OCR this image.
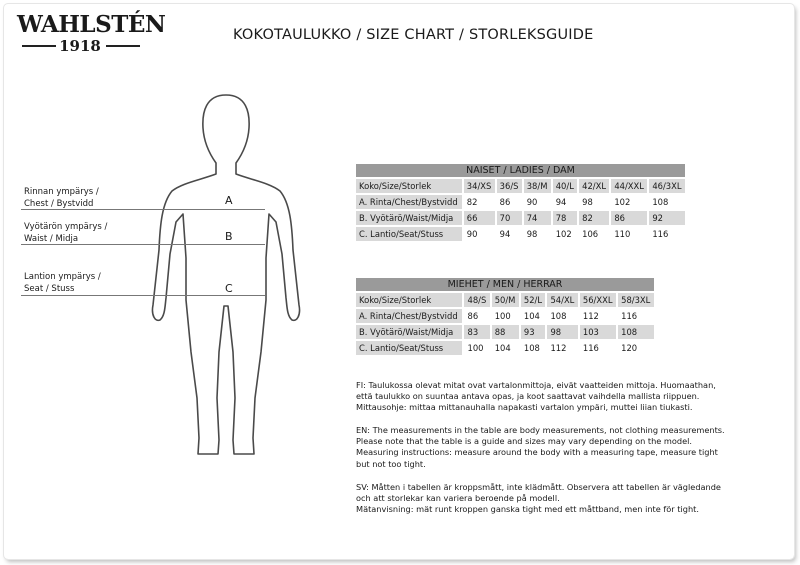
WAHLSTÉN
1918
KOKOTAULUKKO / SIZE CHART / STORLEKSGUIDE
Rinnan ympärys /
Chest / Bystvidd	A
Vyötärön ympärys /
Waist / Midja	B
Lantion ympärys /
Seat / Stuss	C
NAISET / LADIES / DAM							
Koko/Size/Storlek	34/XS	36/S	38/M	40/L	42/XL	44/XXL	46/3XL
A. Rinta/Chest/Bystvidd	82	86	90	94	98	102	108
B. Vyötärö/Waist/Midja	66	70	74	78	82	86	92
C. Lantio/Seat/Stuss	90	94	98	102	106	110	116
MIEHET / MEN / HERRAR						
Koko/Size/Storlek	48/S	50/M	52/L	54/XL	56/XXL	58/3XL
A. Rinta/Chest/Bystvidd	86	100	104	108	112	116
B. Vyötärö/Waist/Midja	83	88	93	98	103	108
C. Lantio/Seat/Stuss	100	104	108	112	116	120
FI: Taulukossa olevat mitat ovat vartalonmittoja, eivät vaatteiden mittoja. Huomaathan,
että taulukko on suuntaa antava opas, ja koot saattavat vaihdella mallista riippuen.
Mittausohje: mittaa mittanauhalla napakasti vartalon ympäri, muttei liian tiukasti.
EN: The measurements in the table are body measurements, not clothing measurements.
Please note that the table is a guide and sizes may vary depending on the model.
Measuring instructions: measure around the body with a measuring tape, measure tight
but not too tight.
SV: Måtten i tabellen är kroppsmått, inte klädmått. Observera att tabellen är vägledande
och att storlekar kan variera beroende på modell.
Mätanvisning: mät runt kroppen ganska tight med ett måttband, men inte för tight.
